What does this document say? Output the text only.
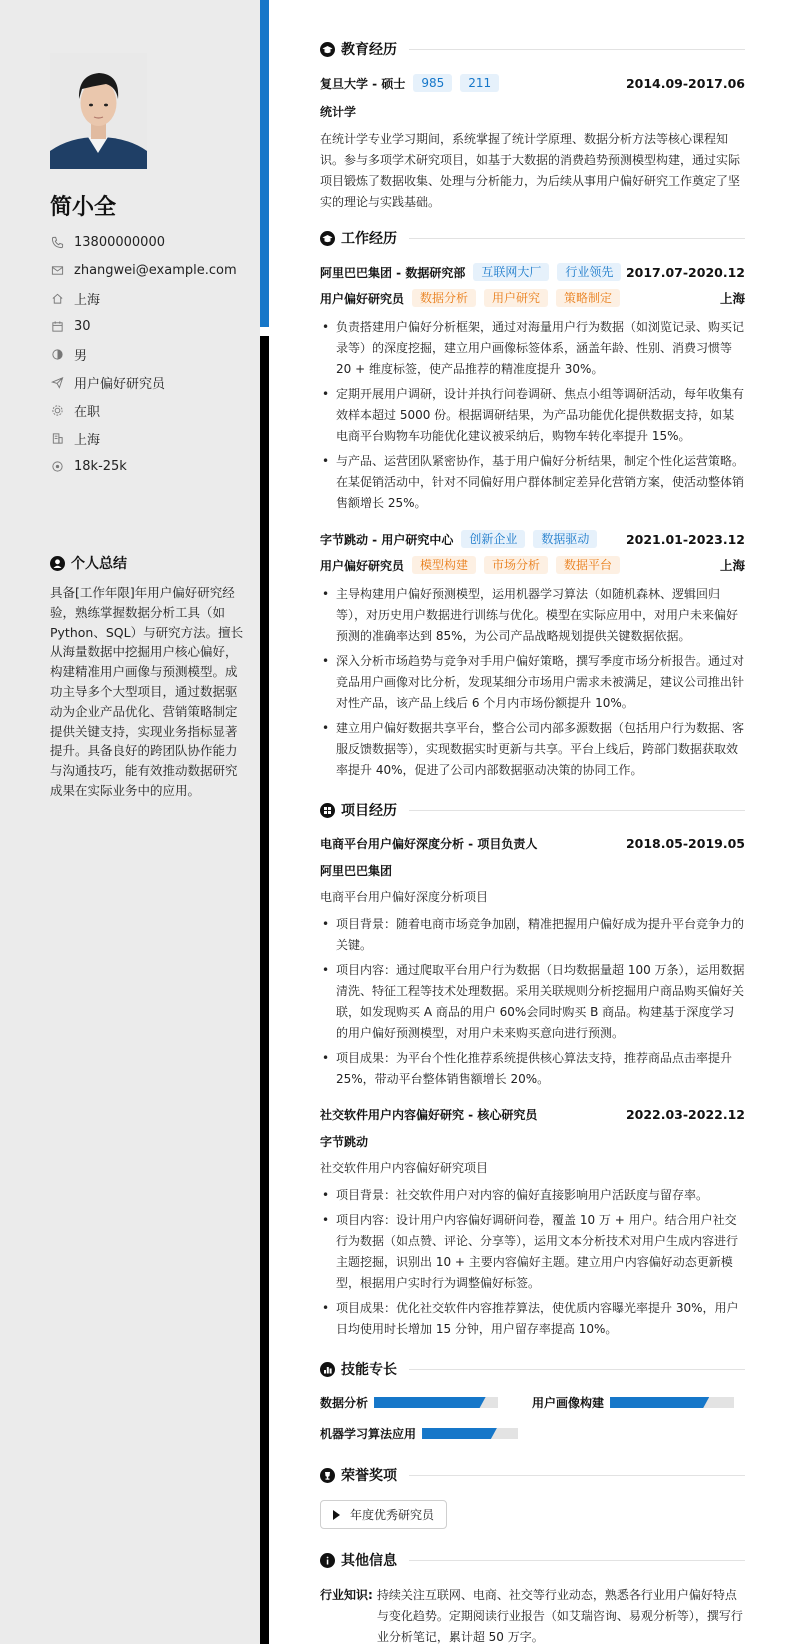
简小全
13800000000
zhangwei@example.com
上海
30
男
用户偏好研究员
在职
上海
18k-25k
个人总结
具备[工作年限]年用户偏好研究经验，熟练掌握数据分析工具（如 Python、SQL）与研究方法。擅长从海量数据中挖掘用户核心偏好，构建精准用户画像与预测模型。成功主导多个大型项目，通过数据驱动为企业产品优化、营销策略制定提供关键支持，实现业务指标显著提升。具备良好的跨团队协作能力与沟通技巧，能有效推动数据研究成果在实际业务中的应用。
教育经历
复旦大学 - 硕士	985	211	2014.09-2017.06
统计学
在统计学专业学习期间，系统掌握了统计学原理、数据分析方法等核心课程知识。参与多项学术研究项目，如基于大数据的消费趋势预测模型构建，通过实际项目锻炼了数据收集、处理与分析能力，为后续从事用户偏好研究工作奠定了坚实的理论与实践基础。
工作经历
阿里巴巴集团 - 数据研究部	互联网大厂	行业领先	2017.07-2020.12
用户偏好研究员	数据分析	用户研究	策略制定	上海
• 负责搭建用户偏好分析框架，通过对海量用户行为数据（如浏览记录、购买记录等）的深度挖掘，建立用户画像标签体系，涵盖年龄、性别、消费习惯等 20 + 维度标签，使产品推荐的精准度提升 30%。
• 定期开展用户调研，设计并执行问卷调研、焦点小组等调研活动，每年收集有效样本超过 5000 份。根据调研结果，为产品功能优化提供数据支持，如某电商平台购物车功能优化建议被采纳后，购物车转化率提升 15%。
• 与产品、运营团队紧密协作，基于用户偏好分析结果，制定个性化运营策略。在某促销活动中，针对不同偏好用户群体制定差异化营销方案，使活动整体销售额增长 25%。
字节跳动 - 用户研究中心	创新企业	数据驱动	2021.01-2023.12
用户偏好研究员	模型构建	市场分析	数据平台	上海
• 主导构建用户偏好预测模型，运用机器学习算法（如随机森林、逻辑回归等），对历史用户数据进行训练与优化。模型在实际应用中，对用户未来偏好预测的准确率达到 85%，为公司产品战略规划提供关键数据依据。
• 深入分析市场趋势与竞争对手用户偏好策略，撰写季度市场分析报告。通过对竞品用户画像对比分析，发现某细分市场用户需求未被满足，建议公司推出针对性产品，该产品上线后 6 个月内市场份额提升 10%。
• 建立用户偏好数据共享平台，整合公司内部多源数据（包括用户行为数据、客服反馈数据等），实现数据实时更新与共享。平台上线后，跨部门数据获取效率提升 40%，促进了公司内部数据驱动决策的协同工作。
项目经历
电商平台用户偏好深度分析 - 项目负责人	2018.05-2019.05
阿里巴巴集团
电商平台用户偏好深度分析项目
• 项目背景：随着电商市场竞争加剧，精准把握用户偏好成为提升平台竞争力的关键。
• 项目内容：通过爬取平台用户行为数据（日均数据量超 100 万条），运用数据清洗、特征工程等技术处理数据。采用关联规则分析挖掘用户商品购买偏好关联，如发现购买 A 商品的用户 60%会同时购买 B 商品。构建基于深度学习的用户偏好预测模型，对用户未来购买意向进行预测。
• 项目成果：为平台个性化推荐系统提供核心算法支持，推荐商品点击率提升 25%，带动平台整体销售额增长 20%。
社交软件用户内容偏好研究 - 核心研究员	2022.03-2022.12
字节跳动
社交软件用户内容偏好研究项目
• 项目背景：社交软件用户对内容的偏好直接影响用户活跃度与留存率。
• 项目内容：设计用户内容偏好调研问卷，覆盖 10 万 + 用户。结合用户社交行为数据（如点赞、评论、分享等），运用文本分析技术对用户生成内容进行主题挖掘，识别出 10 + 主要内容偏好主题。建立用户内容偏好动态更新模型，根据用户实时行为调整偏好标签。
• 项目成果：优化社交软件内容推荐算法，使优质内容曝光率提升 30%，用户日均使用时长增加 15 分钟，用户留存率提高 10%。
技能专长
数据分析	用户画像构建
机器学习算法应用
荣誉奖项
年度优秀研究员
其他信息
行业知识: 持续关注互联网、电商、社交等行业动态，熟悉各行业用户偏好特点与变化趋势。定期阅读行业报告（如艾瑞咨询、易观分析等），撰写行业分析笔记，累计超 50 万字。
